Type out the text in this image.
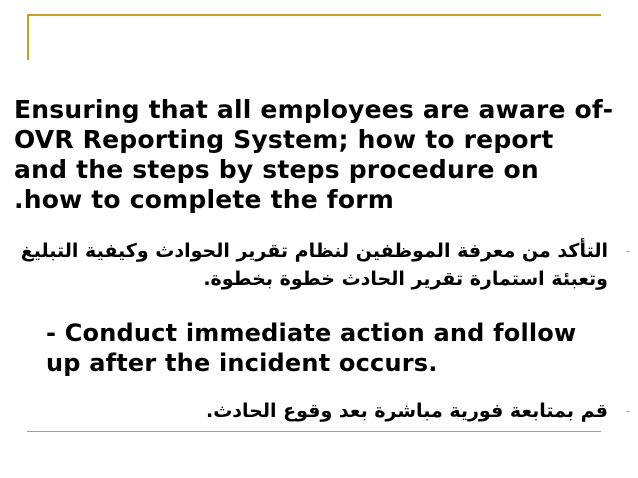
Ensuring that all employees are aware of-
OVR Reporting System; how to report
and the steps by steps procedure on
.how to complete the form

-
التأكد من معرفة الموظفين لنظام تقرير الحوادث وكيفية التبليغ
وتعبئة استمارة تقرير الحادث خطوة بخطوة.

- Conduct immediate action and follow
up after the incident occurs.

-
قم بمتابعة فورية مباشرة بعد وقوع الحادث.
